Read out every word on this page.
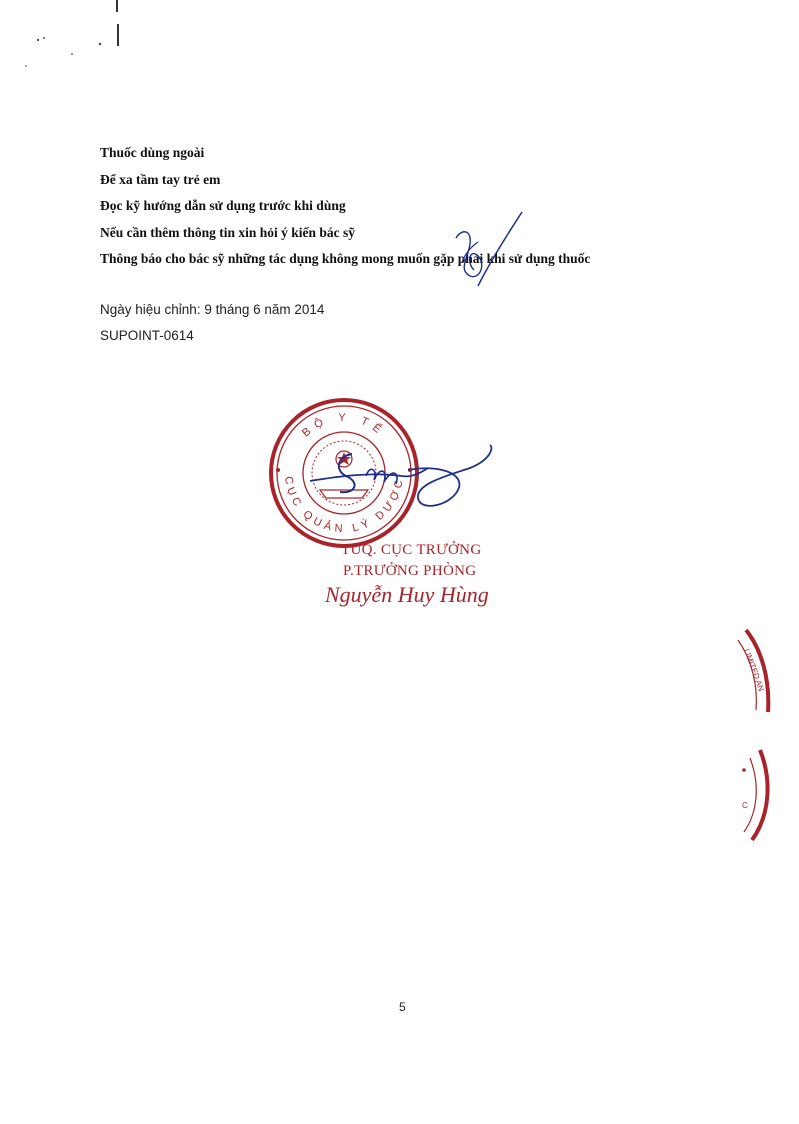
Thuốc dùng ngoài
Để xa tầm tay trẻ em
Đọc kỹ hướng dẫn sử dụng trước khi dùng
Nếu cần thêm thông tin xin hỏi ý kiến bác sỹ
Thông báo cho bác sỹ những tác dụng không mong muốn gặp phải khi sử dụng thuốc
Ngày hiệu chỉnh: 9 tháng 6 năm 2014
SUPOINT-0614
BỘ Y TẾ
CỤC QUẢN LÝ DƯỢC
TUQ. CỤC TRƯỞNG
P.TRƯỞNG PHÒNG
Nguyễn Huy Hùng
LIMITED AN
C
5
